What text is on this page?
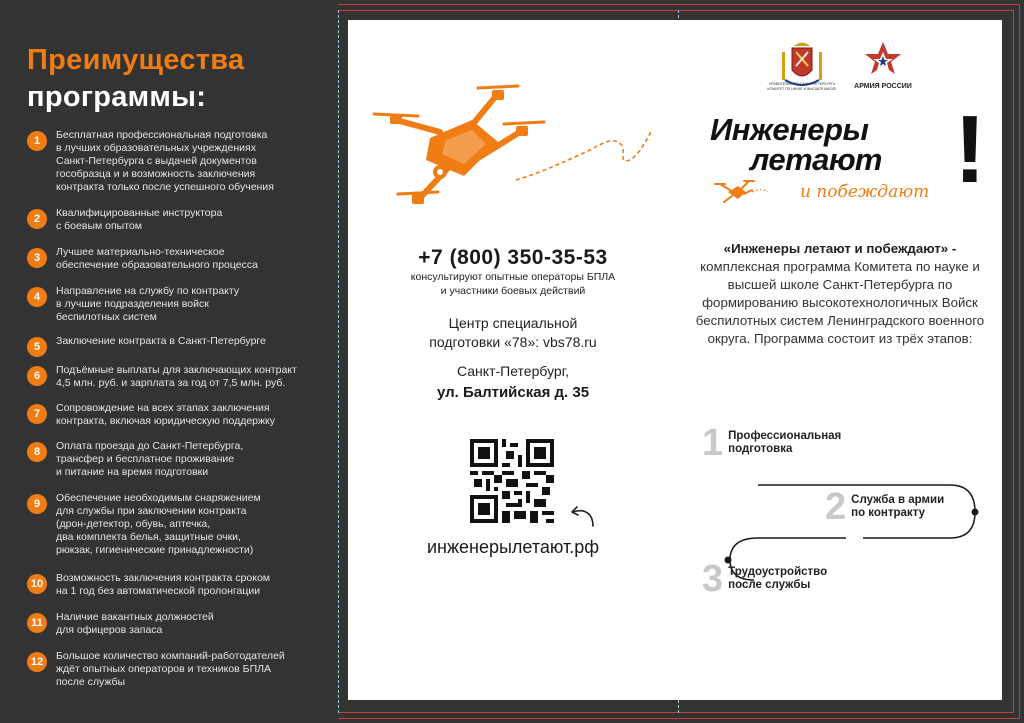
Преимущества
программы:
1	Бесплатная профессиональная подготовка
в лучших образовательных учреждениях
Санкт-Петербурга с выдачей документов
гособразца и и возможность заключения
контракта только после успешного обучения
2	Квалифицированные инструктора
с боевым опытом
3	Лучшее материально-техническое
обеспечение образовательного процесса
4	Направление на службу по контракту
в лучшие подразделения войск
беспилотных систем
5	Заключение контракта в Санкт-Петербурге
6	Подъёмные выплаты для заключающих контракт
4,5 млн. руб. и зарплата за год от 7,5 млн. руб.
7	Сопровождение на всех этапах заключения
контракта, включая юридическую поддержку
8	Оплата проезда до Санкт-Петербурга,
трансфер и бесплатное проживание
и питание на время подготовки
9	Обеспечение необходимым снаряжением
для службы при заключении контракта
(дрон-детектор, обувь, аптечка,
два комплекта белья, защитные очки,
рюкзак, гигиенические принадлежности)
10	Возможность заключения контракта сроком
на 1 год без автоматической пролонгации
11	Наличие вакантных должностей
для офицеров запаса
12	Большое количество компаний-работодателей
ждёт опытных операторов и техников БПЛА
после службы
+7 (800) 350-35-53
консультируют опытные операторы БПЛА
и участники боевых действий
Центр специальной
подготовки «78»: vbs78.ru
Санкт-Петербург,
ул. Балтийская д. 35
инженерылетают.рф
ПРАВИТЕЛЬСТВО САНКТ-ПЕТЕРБУРГА
КОМИТЕТ ПО НАУКЕ И ВЫСШЕЙ ШКОЛЕ	АРМИЯ РОССИИ
Инженеры
летают
и побеждают !

«Инженеры летают и побеждают» - комплексная программа Комитета по науке и высшей школе Санкт-Петербурга по формированию высокотехнологичных Войск беспилотных систем Ленинградского военного округа. Программа состоит из трёх этапов:

1 Профессиональная
подготовка
2 Служба в армии
по контракту
3 Трудоустройство
после службы
